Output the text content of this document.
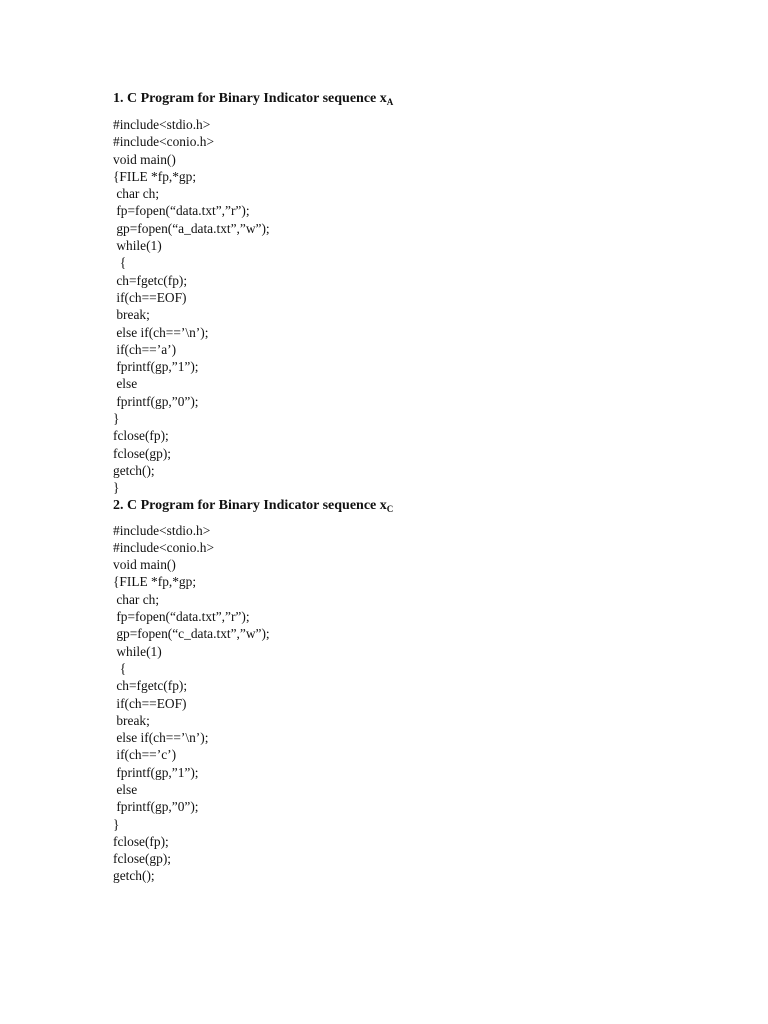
1. C Program for Binary Indicator sequence $x_A$
#include<stdio.h>
#include<conio.h>
void main()
{FILE *fp,*gp;
char ch;
fp=fopen(“data.txt”,”r”);
gp=fopen(“a_data.txt”,”w”);
while(1)
{
ch=fgetc(fp);
if(ch==EOF)
break;
else if(ch==’\n’);
if(ch==’a’)
fprintf(gp,”1”);
else
fprintf(gp,”0”);
}
fclose(fp);
fclose(gp);
getch();
}
2. C Program for Binary Indicator sequence $x_C$
#include<stdio.h>
#include<conio.h>
void main()
{FILE *fp,*gp;
char ch;
fp=fopen(“data.txt”,”r”);
gp=fopen(“c_data.txt”,”w”);
while(1)
{
ch=fgetc(fp);
if(ch==EOF)
break;
else if(ch==’\n’);
if(ch==’c’)
fprintf(gp,”1”);
else
fprintf(gp,”0”);
}
fclose(fp);
fclose(gp);
getch();
